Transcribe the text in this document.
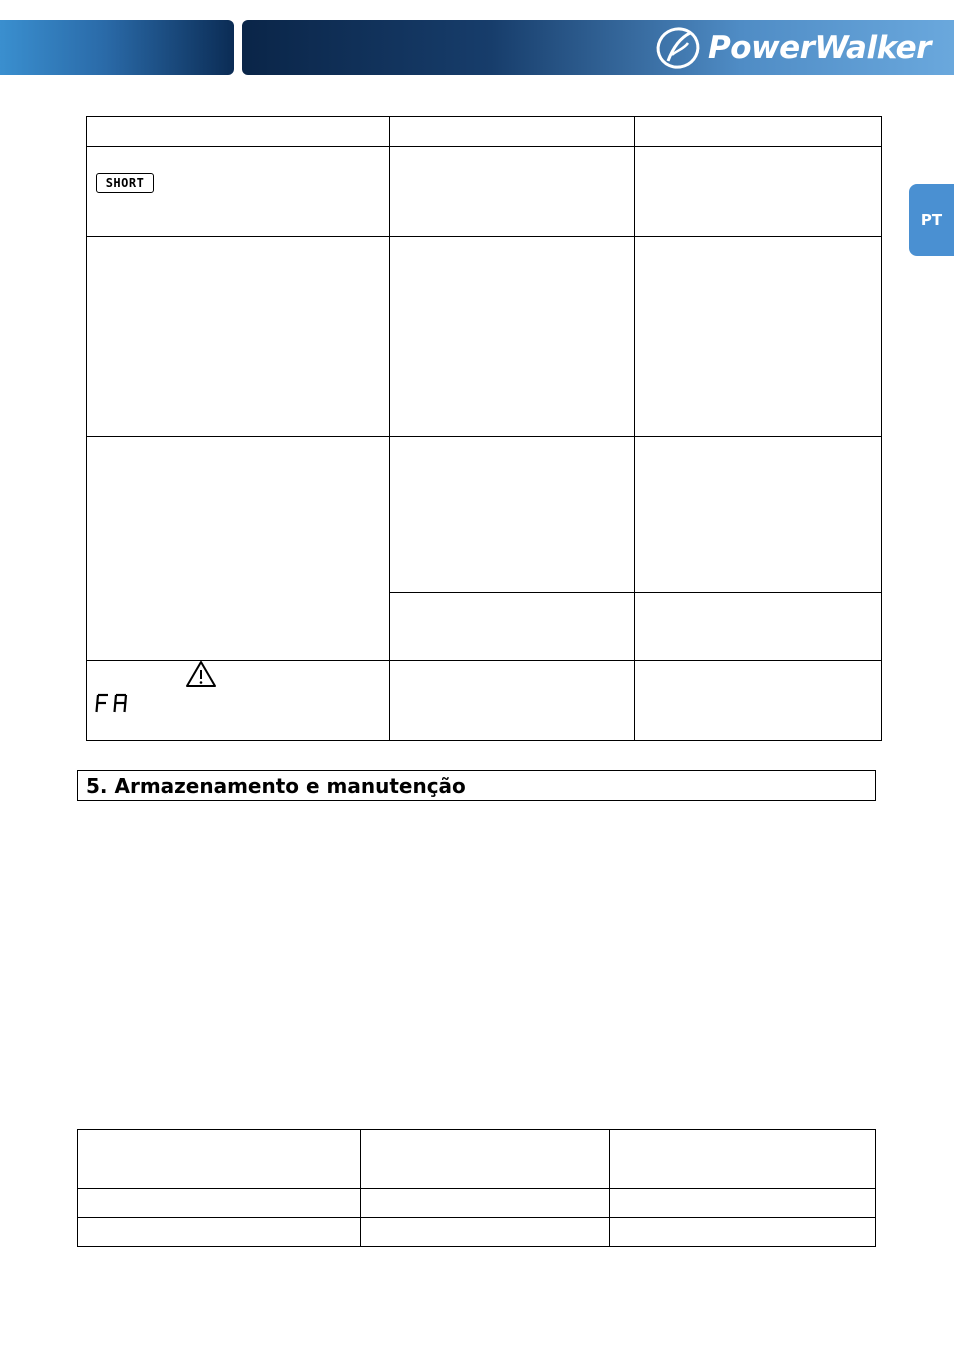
PowerWalker
PT
SHORT
5. Armazenamento e manutenção
